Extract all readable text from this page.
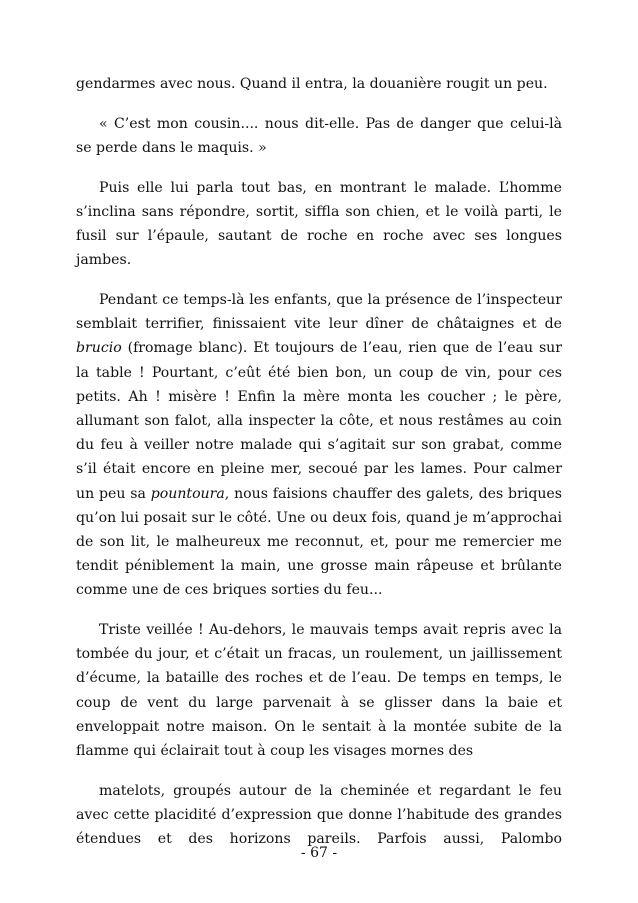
gendarmes avec nous. Quand il entra, la douanière rougit un peu.

« C’est mon cousin.... nous dit-elle. Pas de danger que celui-là se perde dans le maquis. »

Puis elle lui parla tout bas, en montrant le malade. L’homme s’inclina sans répondre, sortit, siffla son chien, et le voilà parti, le fusil sur l’épaule, sautant de roche en roche avec ses longues jambes.

Pendant ce temps-là les enfants, que la présence de l’inspecteur semblait terrifier, finissaient vite leur dîner de châtaignes et de brucio (fromage blanc). Et toujours de l’eau, rien que de l’eau sur la table ! Pourtant, c’eût été bien bon, un coup de vin, pour ces petits. Ah ! misère ! Enfin la mère monta les coucher ; le père, allumant son falot, alla inspecter la côte, et nous restâmes au coin du feu à veiller notre malade qui s’agitait sur son grabat, comme s’il était encore en pleine mer, secoué par les lames. Pour calmer un peu sa pountoura, nous faisions chauffer des galets, des briques qu’on lui posait sur le côté. Une ou deux fois, quand je m’approchai de son lit, le malheureux me reconnut, et, pour me remercier me tendit péniblement la main, une grosse main râpeuse et brûlante comme une de ces briques sorties du feu...

Triste veillée ! Au-dehors, le mauvais temps avait repris avec la tombée du jour, et c’était un fracas, un roulement, un jaillissement d’écume, la bataille des roches et de l’eau. De temps en temps, le coup de vent du large parvenait à se glisser dans la baie et enveloppait notre maison. On le sentait à la montée subite de la flamme qui éclairait tout à coup les visages mornes des

matelots, groupés autour de la cheminée et regardant le feu avec cette placidité d’expression que donne l’habitude des grandes étendues et des horizons pareils. Parfois aussi, Palombo

- 67 -
